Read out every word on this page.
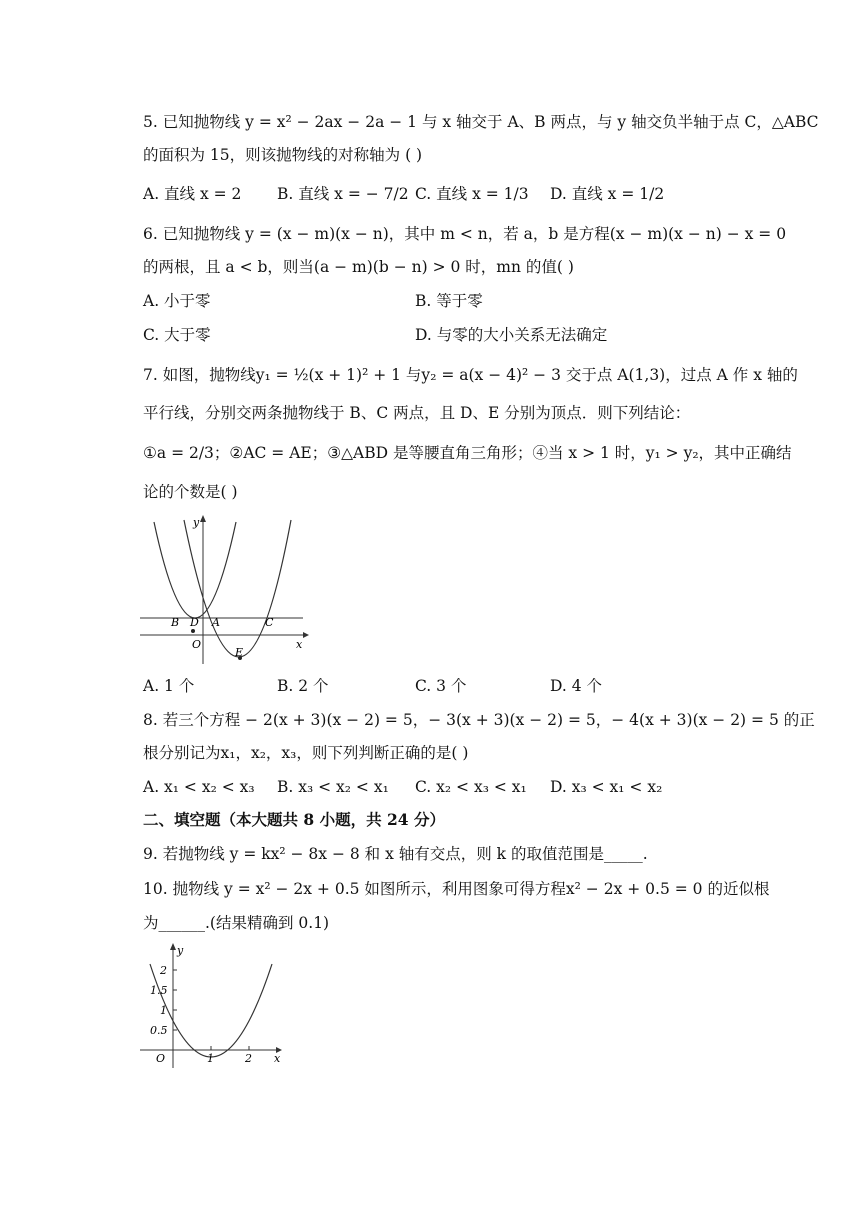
5. 已知抛物线 y = x² − 2ax − 2a − 1 与 x 轴交于 A、B 两点，与 y 轴交负半轴于点 C，△ABC
的面积为 15，则该抛物线的对称轴为 ( )
A. 直线 x = 2 B. 直线 x = − 7/2 C. 直线 x = 1/3 D. 直线 x = 1/2
6. 已知抛物线 y = (x − m)(x − n)，其中 m < n，若 a，b 是方程(x − m)(x − n) − x = 0
的两根，且 a < b，则当(a − m)(b − n) > 0 时，mn 的值( )
A. 小于零	B. 等于零
C. 大于零	D. 与零的大小关系无法确定
7. 如图，抛物线y₁ = ½(x + 1)² + 1 与y₂ = a(x − 4)² − 3 交于点 A(1,3)，过点 A 作 x 轴的
平行线，分别交两条抛物线于 B、C 两点，且 D、E 分别为顶点．则下列结论：
①a = 2/3；②AC = AE；③△ABD 是等腰直角三角形；④当 x > 1 时，y₁ > y₂，其中正确结
论的个数是( )
y
x
O
A
B	C
D
E
A. 1 个	B. 2 个	C. 3 个	D. 4 个
8. 若三个方程 − 2(x + 3)(x − 2) = 5，− 3(x + 3)(x − 2) = 5，− 4(x + 3)(x − 2) = 5 的正
根分别记为x₁，x₂，x₃，则下列判断正确的是( )
A. x₁ < x₂ < x₃ B. x₃ < x₂ < x₁ C. x₂ < x₃ < x₁ D. x₃ < x₁ < x₂
二、填空题（本大题共 8 小题，共 24 分）
9. 若抛物线 y = kx² − 8x − 8 和 x 轴有交点，则 k 的取值范围是_____.
10. 抛物线 y = x² − 2x + 0.5 如图所示，利用图象可得方程x² − 2x + 0.5 = 0 的近似根
为______.(结果精确到 0.1)
y
x
O
2
1.5
1
0.5
1	2
